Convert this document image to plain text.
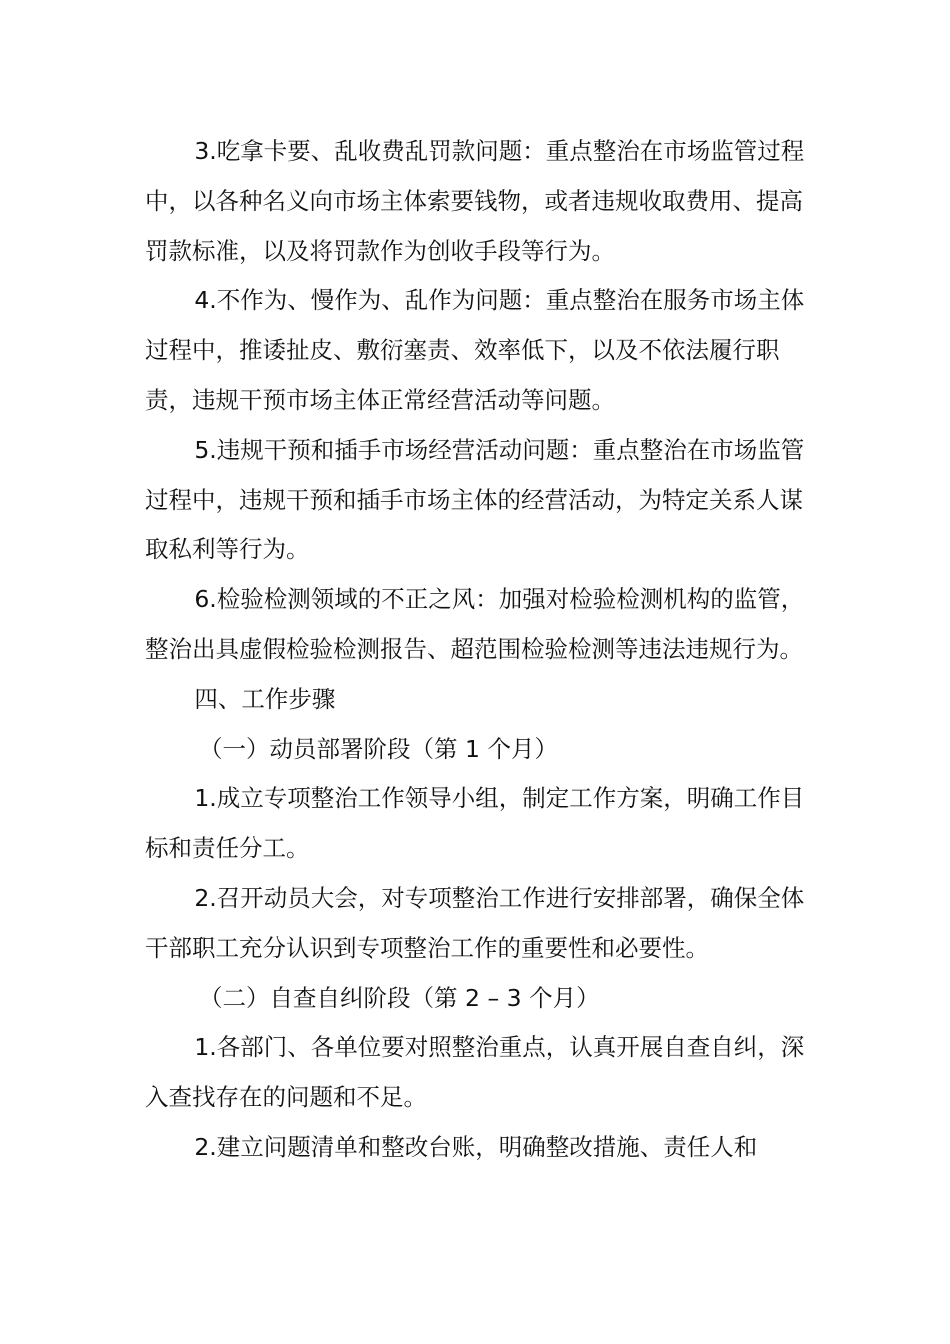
3.吃拿卡要、乱收费乱罚款问题：重点整治在市场监管过程中，以各种名义向市场主体索要钱物，或者违规收取费用、提高罚款标准，以及将罚款作为创收手段等行为。

4.不作为、慢作为、乱作为问题：重点整治在服务市场主体过程中，推诿扯皮、敷衍塞责、效率低下，以及不依法履行职责，违规干预市场主体正常经营活动等问题。

5.违规干预和插手市场经营活动问题：重点整治在市场监管过程中，违规干预和插手市场主体的经营活动，为特定关系人谋取私利等行为。

6.检验检测领域的不正之风：加强对检验检测机构的监管，整治出具虚假检验检测报告、超范围检验检测等违法违规行为。

四、工作步骤

（一）动员部署阶段（第 1 个月）

1.成立专项整治工作领导小组，制定工作方案，明确工作目标和责任分工。

2.召开动员大会，对专项整治工作进行安排部署，确保全体干部职工充分认识到专项整治工作的重要性和必要性。

（二）自查自纠阶段（第 2 – 3 个月）

1.各部门、各单位要对照整治重点，认真开展自查自纠，深入查找存在的问题和不足。

2.建立问题清单和整改台账，明确整改措施、责任人和
